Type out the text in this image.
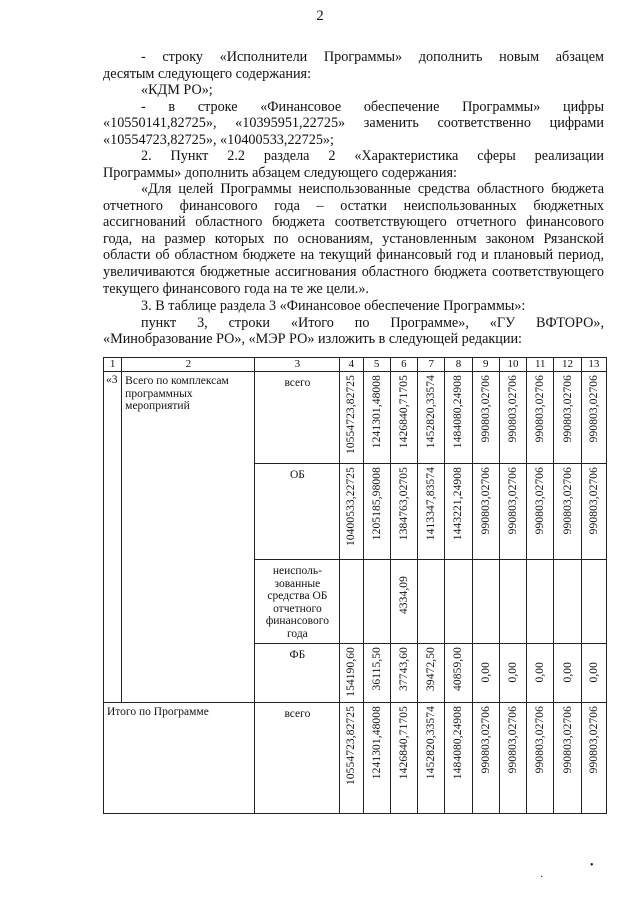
2
- строку «Исполнители Программы» дополнить новым абзацем
десятым следующего содержания:
«КДМ РО»;
- в строке «Финансовое обеспечение Программы» цифры
«10550141,82725», «10395951,22725» заменить соответственно цифрами
«10554723,82725», «10400533,22725»;
2. Пункт 2.2 раздела 2 «Характеристика сферы реализации
Программы» дополнить абзацем следующего содержания:

«Для целей Программы неиспользованные средства областного бюджета отчетного финансового года – остатки неиспользованных бюджетных ассигнований областного бюджета соответствующего отчетного финансового года, на размер которых по основаниям, установленным законом Рязанской области об областном бюджете на текущий финансовый год и плановый период, увеличиваются бюджетные ассигнования областного бюджета соответствующего текущего финансового года на те же цели.».

3. В таблице раздела 3 «Финансовое обеспечение Программы»:
пункт 3, строки «Итого по Программе», «ГУ ВФТОРО»,
«Минобразование РО», «МЭР РО» изложить в следующей редакции:
1	2	3	4	5	6	7	8	9	10	11	12	13
«3	Всего по комплексам программных мероприятий	всего	10554723,82725	1241301,48008	1426840,71705	1452820,33574	1484080,24908	990803,02706	990803,02706	990803,02706	990803,02706	990803,02706

		ОБ	10400533,22725	1205185,98008	1384763,02705	1413347,83574	1443221,24908	990803,02706	990803,02706	990803,02706	990803,02706	990803,02706

		неисполь-зованные средства ОБ отчетного финансового года			4334,09							

		ФБ	154190,60	36115,50	37743,60	39472,50	40859,00	0,00	0,00	0,00	0,00	0,00

Итого по Программе		всего	10554723,82725	1241301,48008	1426840,71705	1452820,33574	1484080,24908	990803,02706	990803,02706	990803,02706	990803,02706	990803,02706
·
•
